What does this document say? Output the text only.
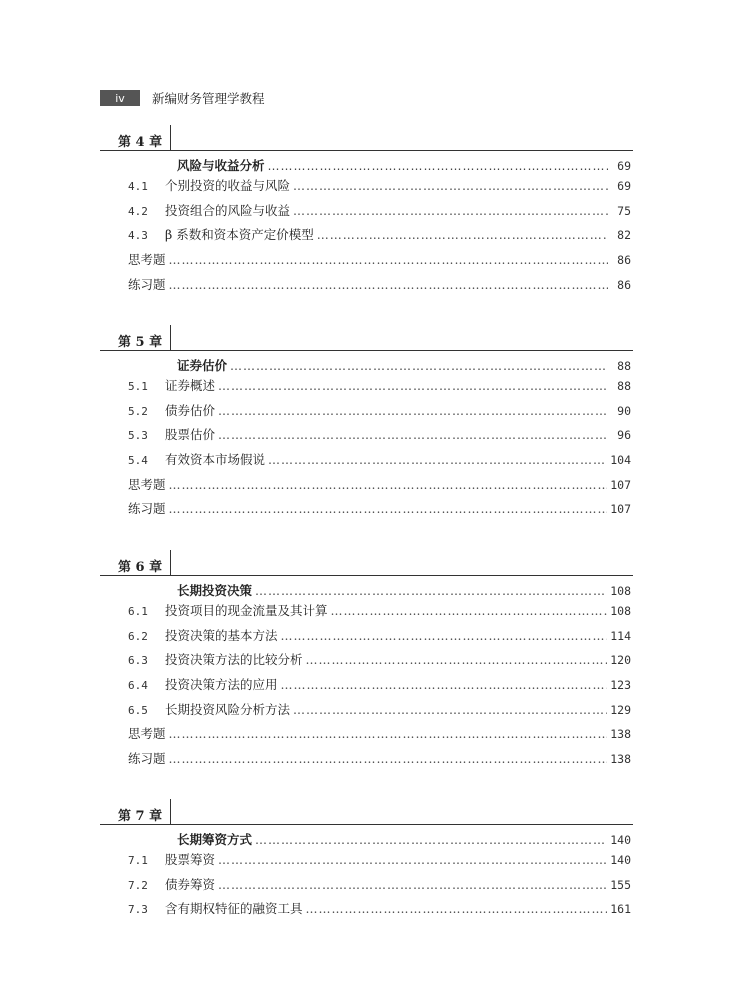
iv	新编财务管理学教程
第 4 章
风险与收益分析 ……………………………………………………………………………………………………………………………………	69
4.1	个别投资的收益与风险 ……………………………………………………………………………………………………………………………………	69
4.2	投资组合的风险与收益 ……………………………………………………………………………………………………………………………………	75
4.3	β 系数和资本资产定价模型 ……………………………………………………………………………………………………………………………………	82
思考题 ……………………………………………………………………………………………………………………………………	86
练习题 ……………………………………………………………………………………………………………………………………	86
第 5 章
证券估价 ……………………………………………………………………………………………………………………………………	88
5.1	证券概述 ……………………………………………………………………………………………………………………………………	88
5.2	债券估价 ……………………………………………………………………………………………………………………………………	90
5.3	股票估价 ……………………………………………………………………………………………………………………………………	96
5.4	有效资本市场假说 ……………………………………………………………………………………………………………………………………	104
思考题 ……………………………………………………………………………………………………………………………………	107
练习题 ……………………………………………………………………………………………………………………………………	107
第 6 章
长期投资决策 ……………………………………………………………………………………………………………………………………	108
6.1	投资项目的现金流量及其计算 ……………………………………………………………………………………………………………………………………	108
6.2	投资决策的基本方法 ……………………………………………………………………………………………………………………………………	114
6.3	投资决策方法的比较分析 ……………………………………………………………………………………………………………………………………	120
6.4	投资决策方法的应用 ……………………………………………………………………………………………………………………………………	123
6.5	长期投资风险分析方法 ……………………………………………………………………………………………………………………………………	129
思考题 ……………………………………………………………………………………………………………………………………	138
练习题 ……………………………………………………………………………………………………………………………………	138
第 7 章
长期筹资方式 ……………………………………………………………………………………………………………………………………	140
7.1	股票筹资 ……………………………………………………………………………………………………………………………………	140
7.2	债券筹资 ……………………………………………………………………………………………………………………………………	155
7.3	含有期权特征的融资工具 ……………………………………………………………………………………………………………………………………	161
